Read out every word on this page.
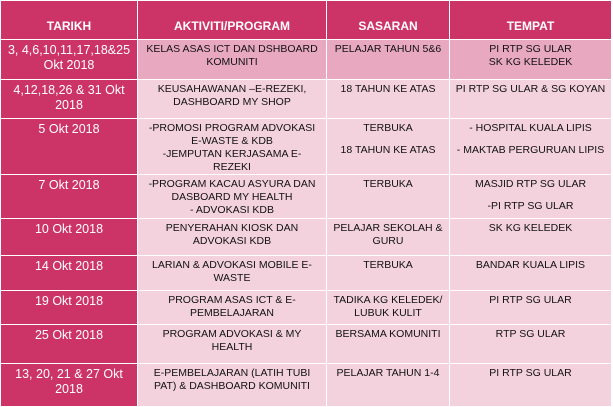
TARIKH	AKTIVITI/PROGRAM	SASARAN	TEMPAT

3, 4,6,10,11,17,18&25
Okt 2018	KELAS ASAS ICT DAN DSHBOARD
KOMUNITI	PELAJAR TAHUN 5&6	PI RTP SG ULAR
SK KG KELEDEK

4,12,18,26 & 31 Okt
2018	KEUSAHAWANAN –E-REZEKI,
DASHBOARD MY SHOP	18 TAHUN KE ATAS	PI RTP SG ULAR & SG KOYAN

5 Okt 2018	-PROMOSI PROGRAM ADVOKASI
E-WASTE & KDB
-JEMPUTAN KERJASAMA E-
REZEKI	TERBUKA
18 TAHUN KE ATAS	- HOSPITAL KUALA LIPIS
- MAKTAB PERGURUAN LIPIS

7 Okt 2018	-PROGRAM KACAU ASYURA DAN
DASBOARD MY HEALTH
- ADVOKASI KDB	TERBUKA	MASJID RTP SG ULAR
-PI RTP SG ULAR

10 Okt 2018	PENYERAHAN KIOSK DAN
ADVOKASI KDB	PELAJAR SEKOLAH &
GURU	SK KG KELEDEK

14 Okt 2018	LARIAN & ADVOKASI MOBILE E-
WASTE	TERBUKA	BANDAR KUALA LIPIS

19 Okt 2018	PROGRAM ASAS ICT & E-
PEMBELAJARAN	TADIKA KG KELEDEK/
LUBUK KULIT	PI RTP SG ULAR

25 Okt 2018	PROGRAM ADVOKASI & MY
HEALTH	BERSAMA KOMUNITI	RTP SG ULAR

13, 20, 21 & 27 Okt
2018	E-PEMBELAJARAN (LATIH TUBI
PAT) & DASHBOARD KOMUNITI	PELAJAR TAHUN 1-4	PI RTP SG ULAR
